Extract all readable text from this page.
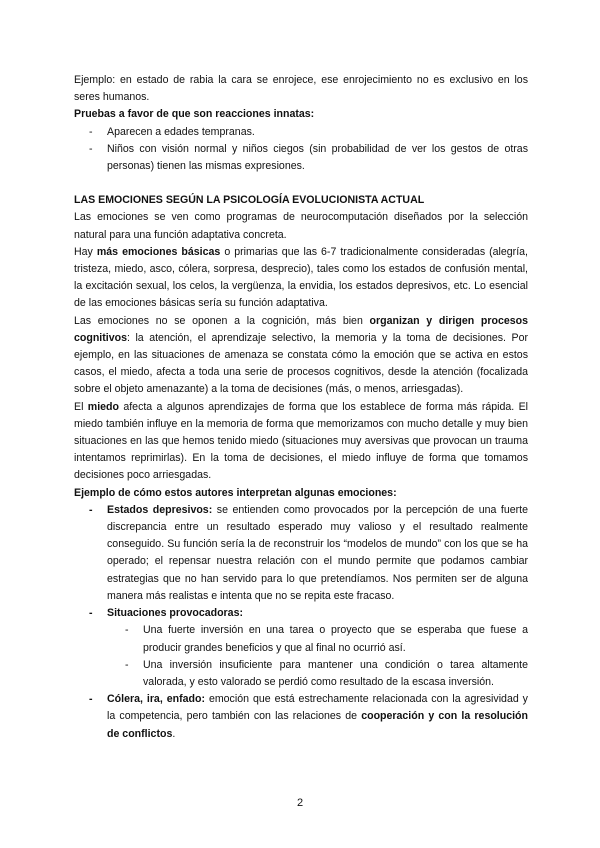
Ejemplo: en estado de rabia la cara se enrojece, ese enrojecimiento no es exclusivo en los seres humanos.

Pruebas a favor de que son reacciones innatas:

- Aparecen a edades tempranas.
- Niños con visión normal y niños ciegos (sin probabilidad de ver los gestos de otras personas) tienen las mismas expresiones.

LAS EMOCIONES SEGÚN LA PSICOLOGÍA EVOLUCIONISTA ACTUAL

Las emociones se ven como programas de neurocomputación diseñados por la selección natural para una función adaptativa concreta.

Hay más emociones básicas o primarias que las 6-7 tradicionalmente consideradas (alegría, tristeza, miedo, asco, cólera, sorpresa, desprecio), tales como los estados de confusión mental, la excitación sexual, los celos, la vergüenza, la envidia, los estados depresivos, etc. Lo esencial de las emociones básicas sería su función adaptativa.

Las emociones no se oponen a la cognición, más bien organizan y dirigen procesos cognitivos: la atención, el aprendizaje selectivo, la memoria y la toma de decisiones. Por ejemplo, en las situaciones de amenaza se constata cómo la emoción que se activa en estos casos, el miedo, afecta a toda una serie de procesos cognitivos, desde la atención (focalizada sobre el objeto amenazante) a la toma de decisiones (más, o menos, arriesgadas).

El miedo afecta a algunos aprendizajes de forma que los establece de forma más rápida. El miedo también influye en la memoria de forma que memorizamos con mucho detalle y muy bien situaciones en las que hemos tenido miedo (situaciones muy aversivas que provocan un trauma intentamos reprimirlas). En la toma de decisiones, el miedo influye de forma que tomamos decisiones poco arriesgadas.

Ejemplo de cómo estos autores interpretan algunas emociones:

- Estados depresivos: se entienden como provocados por la percepción de una fuerte discrepancia entre un resultado esperado muy valioso y el resultado realmente conseguido. Su función sería la de reconstruir los “modelos de mundo” con los que se ha operado; el repensar nuestra relación con el mundo permite que podamos cambiar estrategias que no han servido para lo que pretendíamos. Nos permiten ser de alguna manera más realistas e intenta que no se repita este fracaso.
- Situaciones provocadoras:
- Una fuerte inversión en una tarea o proyecto que se esperaba que fuese a producir grandes beneficios y que al final no ocurrió así.
- Una inversión insuficiente para mantener una condición o tarea altamente valorada, y esto valorado se perdió como resultado de la escasa inversión.
- Cólera, ira, enfado: emoción que está estrechamente relacionada con la agresividad y la competencia, pero también con las relaciones de cooperación y con la resolución de conflictos.
2
